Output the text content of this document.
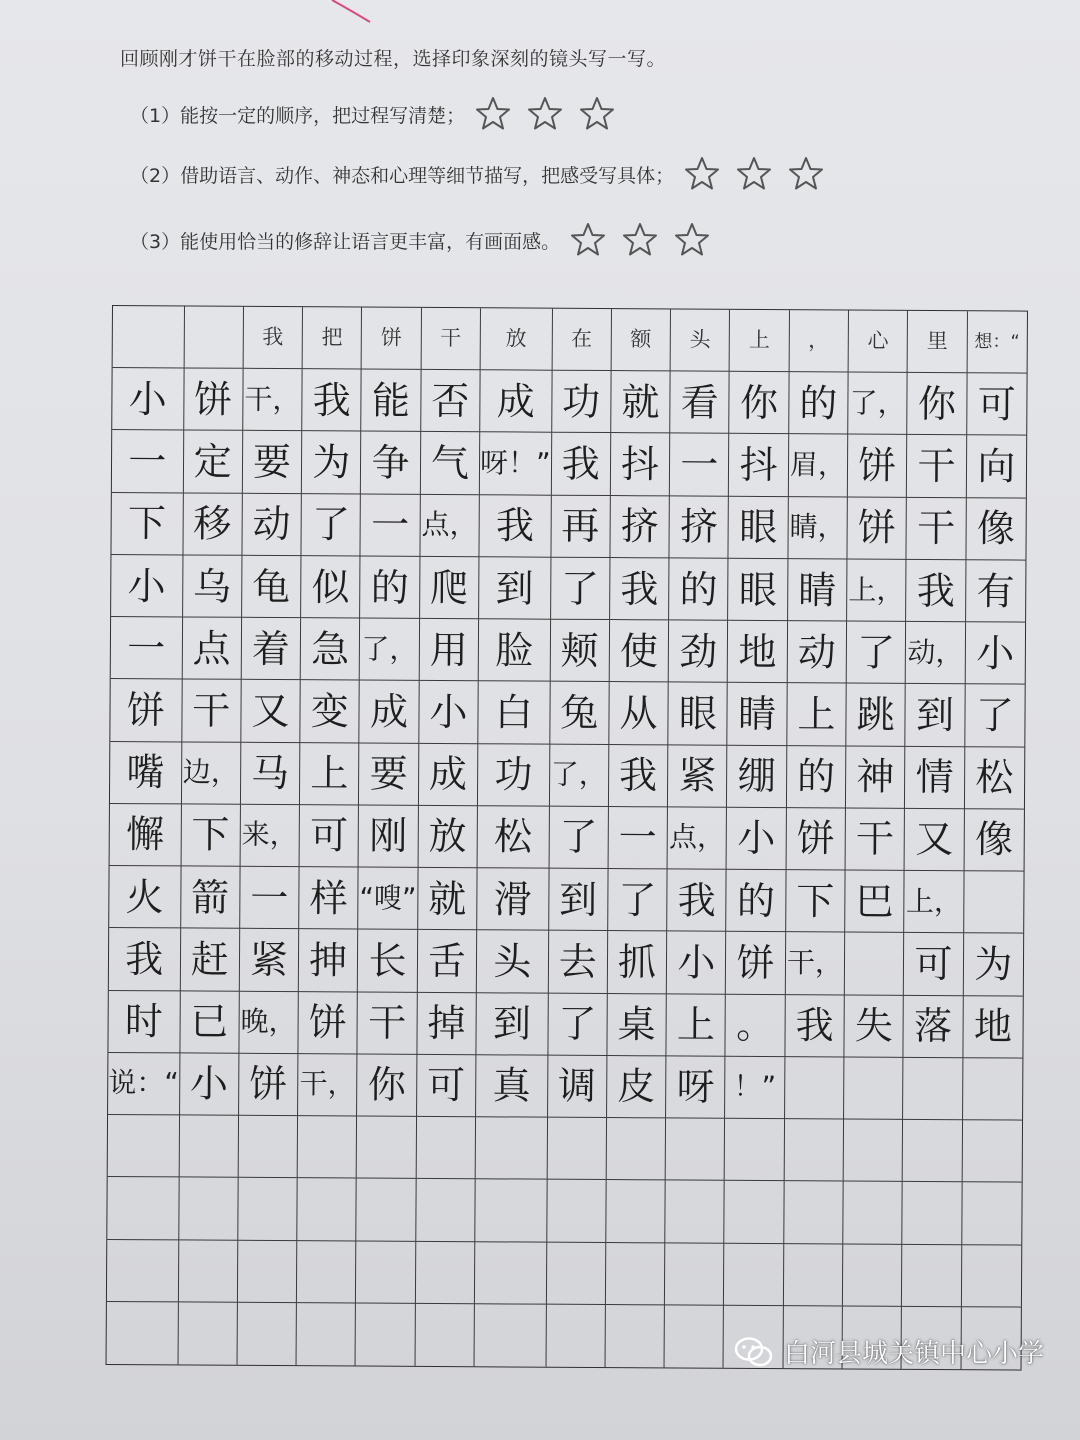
回顾刚才饼干在脸部的移动过程，选择印象深刻的镜头写一写。
（1）能按一定的顺序，把过程写清楚；
（2）借助语言、动作、神态和心理等细节描写，把感受写具体；
（3）能使用恰当的修辞让语言更丰富，有画面感。
我	把	饼	干	放	在	额	头	上	，	心	里	想：“
小 饼 干， 我 能 否 成 功 就 看 你 的 了， 你 可
一 定 要 为 争 气 呀！” 我 抖 一 抖 眉， 饼 干 向
下 移 动 了 一 点， 我 再 挤 挤 眼 睛， 饼 干 像
小 乌 龟 似 的 爬 到 了 我 的 眼 睛 上， 我 有
一 点 着 急 了， 用 脸 颊 使 劲 地 动 了 动， 小
饼 干 又 变 成 小 白 兔 从 眼 睛 上 跳 到 了
嘴 边， 马 上 要 成 功 了， 我 紧 绷 的 神 情 松
懈 下 来， 可 刚 放 松 了 一 点， 小 饼 干 又 像
火 箭 一 样 “嗖” 就 滑 到 了 我 的 下 巴 上，
我 赶 紧 抻 长 舌 头 去 抓 小 饼 干， 可 为
时 已 晚， 饼 干 掉 到 了 桌 上 。 我 失 落 地
说：“ 小 饼 干， 你 可 真 调 皮 呀 ！”
白河县城关镇中心小学
